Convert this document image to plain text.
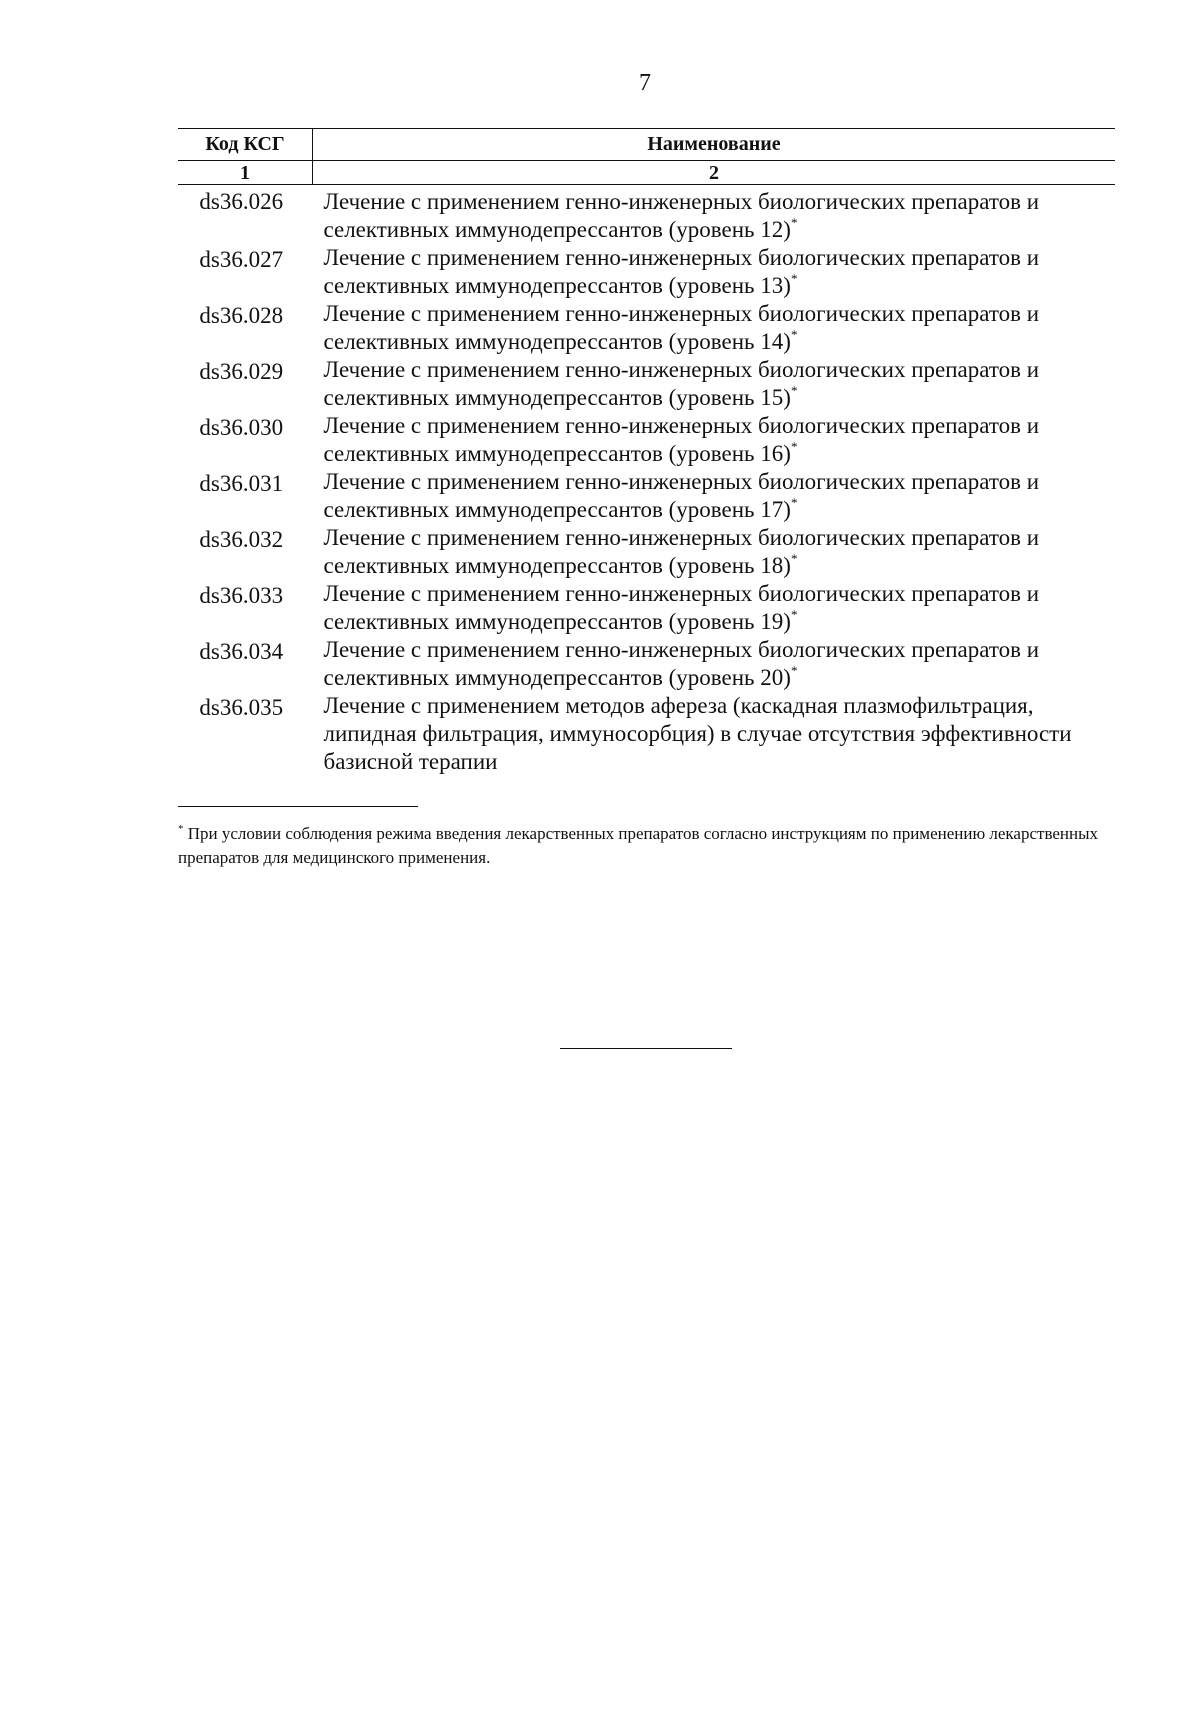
7
Код КСГ	Наименование
1	2
ds36.026	Лечение с применением генно-инженерных биологических препаратов и селективных иммунодепрессантов (уровень 12)*
ds36.027	Лечение с применением генно-инженерных биологических препаратов и селективных иммунодепрессантов (уровень 13)*
ds36.028	Лечение с применением генно-инженерных биологических препаратов и селективных иммунодепрессантов (уровень 14)*
ds36.029	Лечение с применением генно-инженерных биологических препаратов и селективных иммунодепрессантов (уровень 15)*
ds36.030	Лечение с применением генно-инженерных биологических препаратов и селективных иммунодепрессантов (уровень 16)*
ds36.031	Лечение с применением генно-инженерных биологических препаратов и селективных иммунодепрессантов (уровень 17)*
ds36.032	Лечение с применением генно-инженерных биологических препаратов и селективных иммунодепрессантов (уровень 18)*
ds36.033	Лечение с применением генно-инженерных биологических препаратов и селективных иммунодепрессантов (уровень 19)*
ds36.034	Лечение с применением генно-инженерных биологических препаратов и селективных иммунодепрессантов (уровень 20)*
ds36.035	Лечение с применением методов афереза (каскадная плазмофильтрация, липидная фильтрация, иммуносорбция) в случае отсутствия эффективности базисной терапии
* При условии соблюдения режима введения лекарственных препаратов согласно инструкциям по применению лекарственных препаратов для медицинского применения.
